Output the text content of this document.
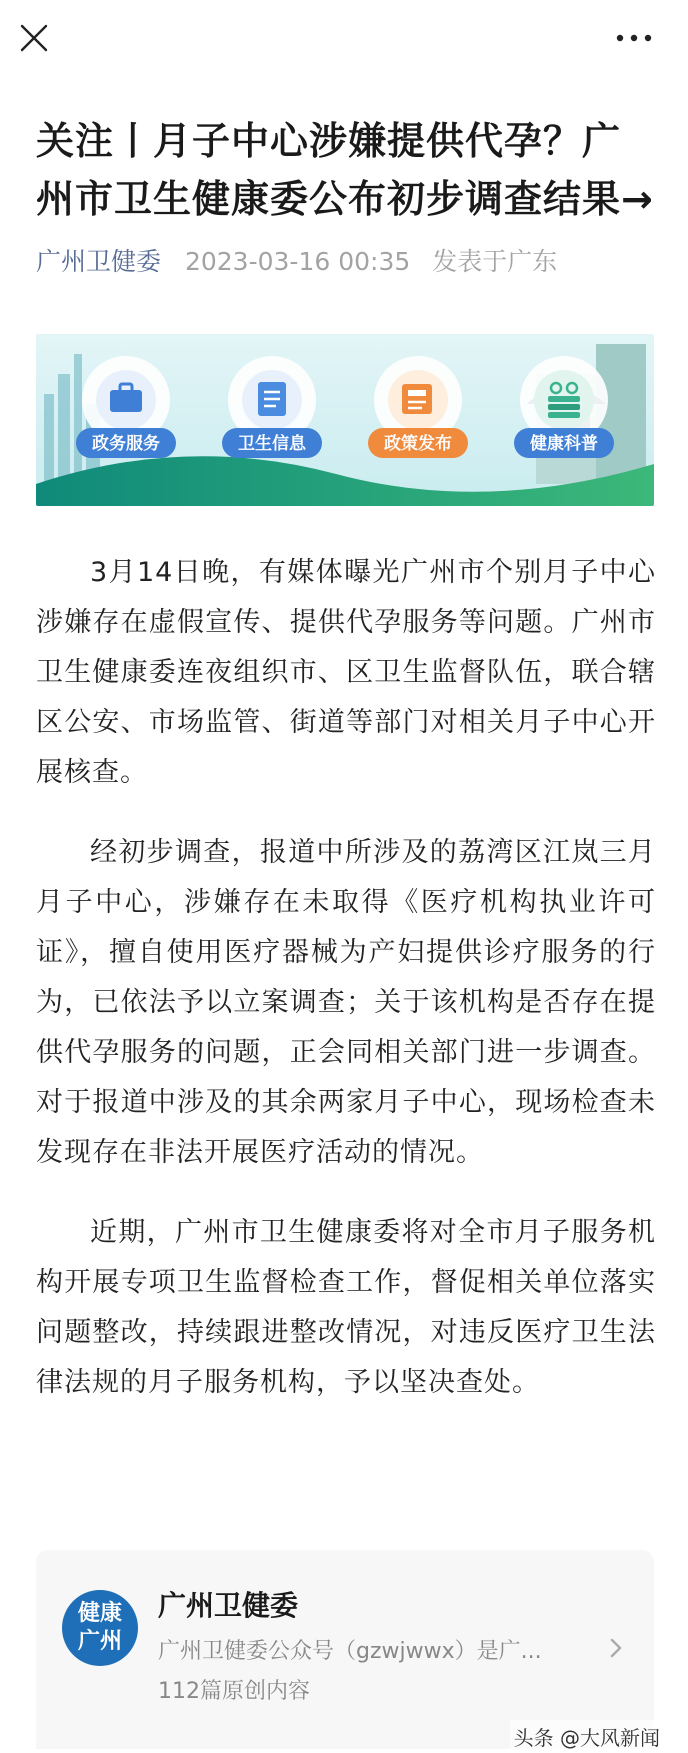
关注丨月子中心涉嫌提供代孕？广州市卫生健康委公布初步调查结果→
广州卫健委 2023-03-16 00:35 发表于广东
政务服务	卫生信息	政策发布	健康科普

3月14日晚，有媒体曝光广州市个别月子中心涉嫌存在虚假宣传、提供代孕服务等问题。广州市卫生健康委连夜组织市、区卫生监督队伍，联合辖区公安、市场监管、街道等部门对相关月子中心开展核查。

经初步调查，报道中所涉及的荔湾区江岚三月月子中心，涉嫌存在未取得《医疗机构执业许可证》，擅自使用医疗器械为产妇提供诊疗服务的行为，已依法予以立案调查；关于该机构是否存在提供代孕服务的问题，正会同相关部门进一步调查。对于报道中涉及的其余两家月子中心，现场检查未发现存在非法开展医疗活动的情况。

近期，广州市卫生健康委将对全市月子服务机构开展专项卫生监督检查工作，督促相关单位落实问题整改，持续跟进整改情况，对违反医疗卫生法律法规的月子服务机构，予以坚决查处。

健康
广州
广州卫健委
广州卫健委公众号（gzwjwwx）是广...
112篇原创内容
头条 @大风新闻
